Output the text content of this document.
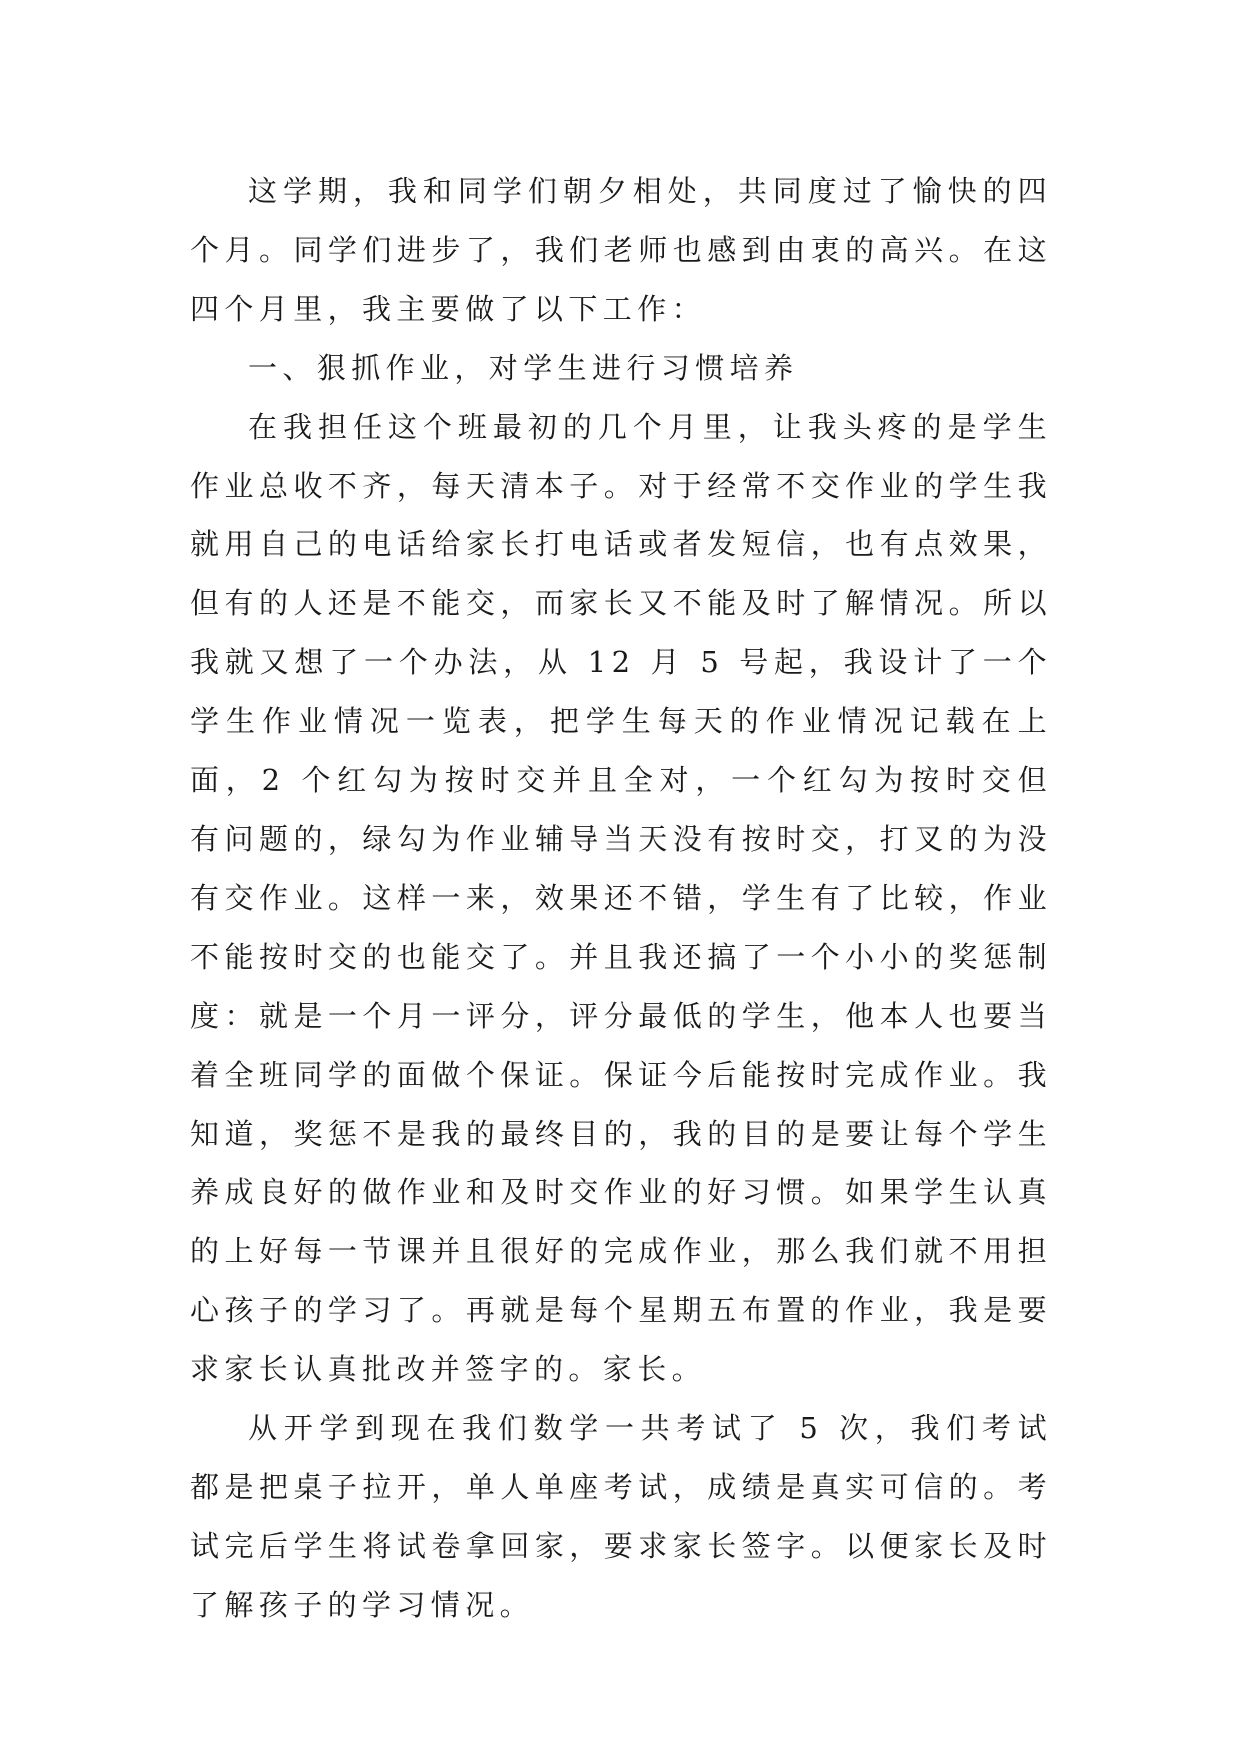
这学期，我和同学们朝夕相处，共同度过了愉快的四个月。同学们进步了，我们老师也感到由衷的高兴。在这四个月里，我主要做了以下工作：

一、狠抓作业，对学生进行习惯培养

在我担任这个班最初的几个月里，让我头疼的是学生作业总收不齐，每天清本子。对于经常不交作业的学生我就用自己的电话给家长打电话或者发短信，也有点效果，但有的人还是不能交，而家长又不能及时了解情况。所以我就又想了一个办法，从 12 月 5 号起，我设计了一个学生作业情况一览表，把学生每天的作业情况记载在上面，2 个红勾为按时交并且全对，一个红勾为按时交但有问题的，绿勾为作业辅导当天没有按时交，打叉的为没有交作业。这样一来，效果还不错，学生有了比较，作业不能按时交的也能交了。并且我还搞了一个小小的奖惩制度：就是一个月一评分，评分最低的学生，他本人也要当着全班同学的面做个保证。保证今后能按时完成作业。我知道，奖惩不是我的最终目的，我的目的是要让每个学生养成良好的做作业和及时交作业的好习惯。如果学生认真的上好每一节课并且很好的完成作业，那么我们就不用担心孩子的学习了。再就是每个星期五布置的作业，我是要求家长认真批改并签字的。家长。

从开学到现在我们数学一共考试了 5 次，我们考试都是把桌子拉开，单人单座考试，成绩是真实可信的。考试完后学生将试卷拿回家，要求家长签字。以便家长及时了解孩子的学习情况。
